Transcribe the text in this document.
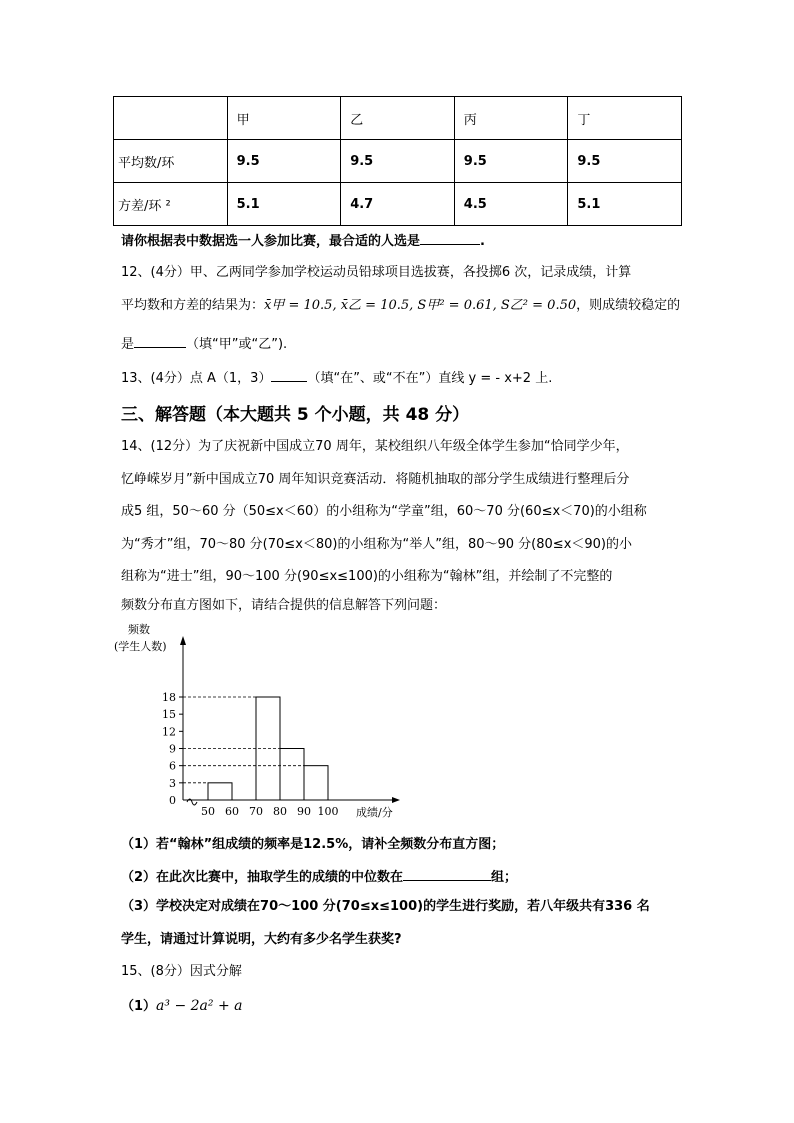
	甲	乙	丙	丁
平均数/环	9.5	9.5	9.5	9.5
方差/环 ²	5.1	4.7	4.5	5.1
请你根据表中数据选一人参加比赛，最合适的人选是	.
12、(4分）甲、乙两同学参加学校运动员铅球项目选拔赛，各投掷6 次，记录成绩，计算
平均数和方差的结果为：x̄甲 = 10.5, x̄乙 = 10.5, S甲² = 0.61, S乙² = 0.50，则成绩较稳定的
是	（填“甲”或“乙”).
13、(4分）点 A（1，3）	（填“在”、或“不在”）直线 y = - x+2 上.
三、解答题（本大题共 5 个小题，共 48 分）
14、(12分）为了庆祝新中国成立70 周年，某校组织八年级全体学生参加“恰同学少年，
忆峥嵘岁月”新中国成立70 周年知识竞赛活动．将随机抽取的部分学生成绩进行整理后分
成5 组，50～60 分（50≤x＜60）的小组称为“学童”组，60～70 分(60≤x＜70)的小组称
为“秀才”组，70～80 分(70≤x＜80)的小组称为“举人”组，80～90 分(80≤x＜90)的小
组称为“进士”组，90～100 分(90≤x≤100)的小组称为“翰林”组，并绘制了不完整的
频数分布直方图如下，请结合提供的信息解答下列问题：
频数
(学生人数)
成绩/分
0
3
6
9
12
15
18
50 60 70 80 90 100
（1）若“翰林”组成绩的频率是12.5%，请补全频数分布直方图；
（2）在此次比赛中，抽取学生的成绩的中位数在	组；
（3）学校决定对成绩在70～100 分(70≤x≤100)的学生进行奖励，若八年级共有336 名
学生，请通过计算说明，大约有多少名学生获奖?
15、(8分）因式分解
（1）a³ − 2a² + a
